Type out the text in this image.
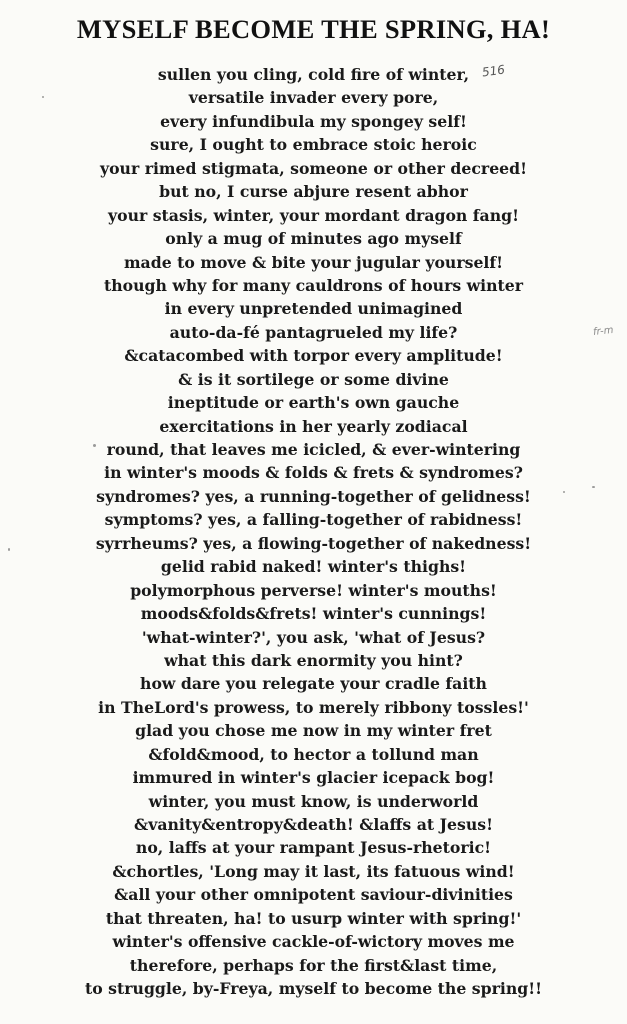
MYSELF BECOME THE SPRING, HA!
516
fr-m
sullen you cling, cold fire of winter,
versatile invader every pore,
every infundibula my spongey self!
sure, I ought to embrace stoic heroic
your rimed stigmata, someone or other decreed!
but no, I curse abjure resent abhor
your stasis, winter, your mordant dragon fang!
only a mug of minutes ago myself
made to move & bite your jugular yourself!
though why for many cauldrons of hours winter
in every unpretended unimagined
auto-da-fé pantagrueled my life?
&catacombed with torpor every amplitude!
& is it sortilege or some divine
ineptitude or earth's own gauche
exercitations in her yearly zodiacal
round, that leaves me icicled, & ever-wintering
in winter's moods & folds & frets & syndromes?
syndromes? yes, a running-together of gelidness!
symptoms? yes, a falling-together of rabidness!
syrrheums? yes, a flowing-together of nakedness!
gelid rabid naked! winter's thighs!
polymorphous perverse! winter's mouths!
moods&folds&frets! winter's cunnings!
'what-winter?', you ask, 'what of Jesus?
what this dark enormity you hint?
how dare you relegate your cradle faith
in TheLord's prowess, to merely ribbony tossles!'
glad you chose me now in my winter fret
&fold&mood, to hector a tollund man
immured in winter's glacier icepack bog!
winter, you must know, is underworld
&vanity&entropy&death! &laffs at Jesus!
no, laffs at your rampant Jesus-rhetoric!
&chortles, 'Long may it last, its fatuous wind!
&all your other omnipotent saviour-divinities
that threaten, ha! to usurp winter with spring!'
winter's offensive cackle-of-wictory moves me
therefore, perhaps for the first&last time,
to struggle, by-Freya, myself to become the spring!!
